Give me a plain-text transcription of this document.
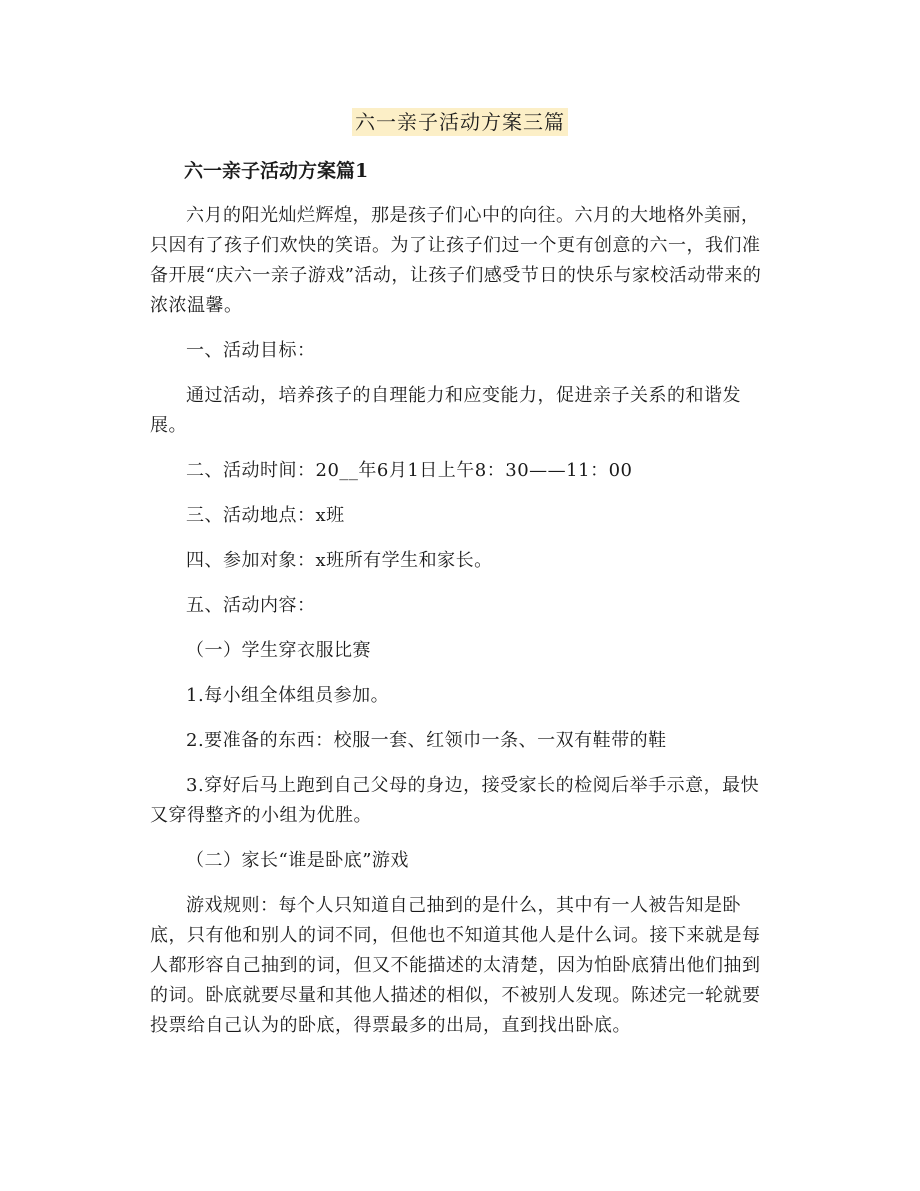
六一亲子活动方案三篇

六一亲子活动方案篇1

六月的阳光灿烂辉煌，那是孩子们心中的向往。六月的大地格外美丽，只因有了孩子们欢快的笑语。为了让孩子们过一个更有创意的六一，我们准备开展“庆六一亲子游戏”活动，让孩子们感受节日的快乐与家校活动带来的浓浓温馨。

一、活动目标：

通过活动，培养孩子的自理能力和应变能力，促进亲子关系的和谐发展。

二、活动时间：20__年6月1日上午8：30——11：00

三、活动地点：x班

四、参加对象：x班所有学生和家长。

五、活动内容：

（一）学生穿衣服比赛

1.每小组全体组员参加。

2.要准备的东西：校服一套、红领巾一条、一双有鞋带的鞋

3.穿好后马上跑到自己父母的身边，接受家长的检阅后举手示意，最快又穿得整齐的小组为优胜。

（二）家长“谁是卧底”游戏

游戏规则：每个人只知道自己抽到的是什么，其中有一人被告知是卧底，只有他和别人的词不同，但他也不知道其他人是什么词。接下来就是每人都形容自己抽到的词，但又不能描述的太清楚，因为怕卧底猜出他们抽到的词。卧底就要尽量和其他人描述的相似，不被别人发现。陈述完一轮就要投票给自己认为的卧底，得票最多的出局，直到找出卧底。
